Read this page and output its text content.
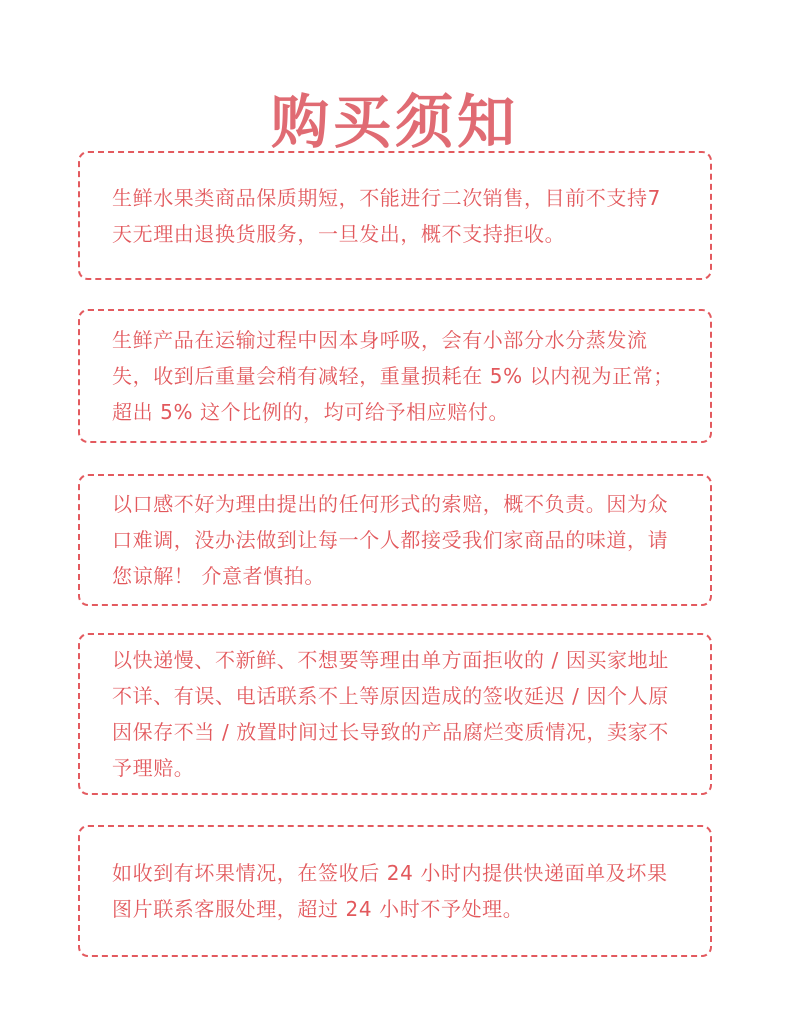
购买须知

生鲜水果类商品保质期短，不能进行二次销售，目前不支持7 天无理由退换货服务，一旦发出，概不支持拒收。

生鲜产品在运输过程中因本身呼吸，会有小部分水分蒸发流失，收到后重量会稍有减轻，重量损耗在 5% 以内视为正常；超出 5% 这个比例的，均可给予相应赔付。

以口感不好为理由提出的任何形式的索赔，概不负责。因为众口难调，没办法做到让每一个人都接受我们家商品的味道，请您谅解！ 介意者慎拍。

以快递慢、不新鲜、不想要等理由单方面拒收的 / 因买家地址不详、有误、电话联系不上等原因造成的签收延迟 / 因个人原因保存不当 / 放置时间过长导致的产品腐烂变质情况，卖家不予理赔。

如收到有坏果情况，在签收后 24 小时内提供快递面单及坏果图片联系客服处理，超过 24 小时不予处理。
